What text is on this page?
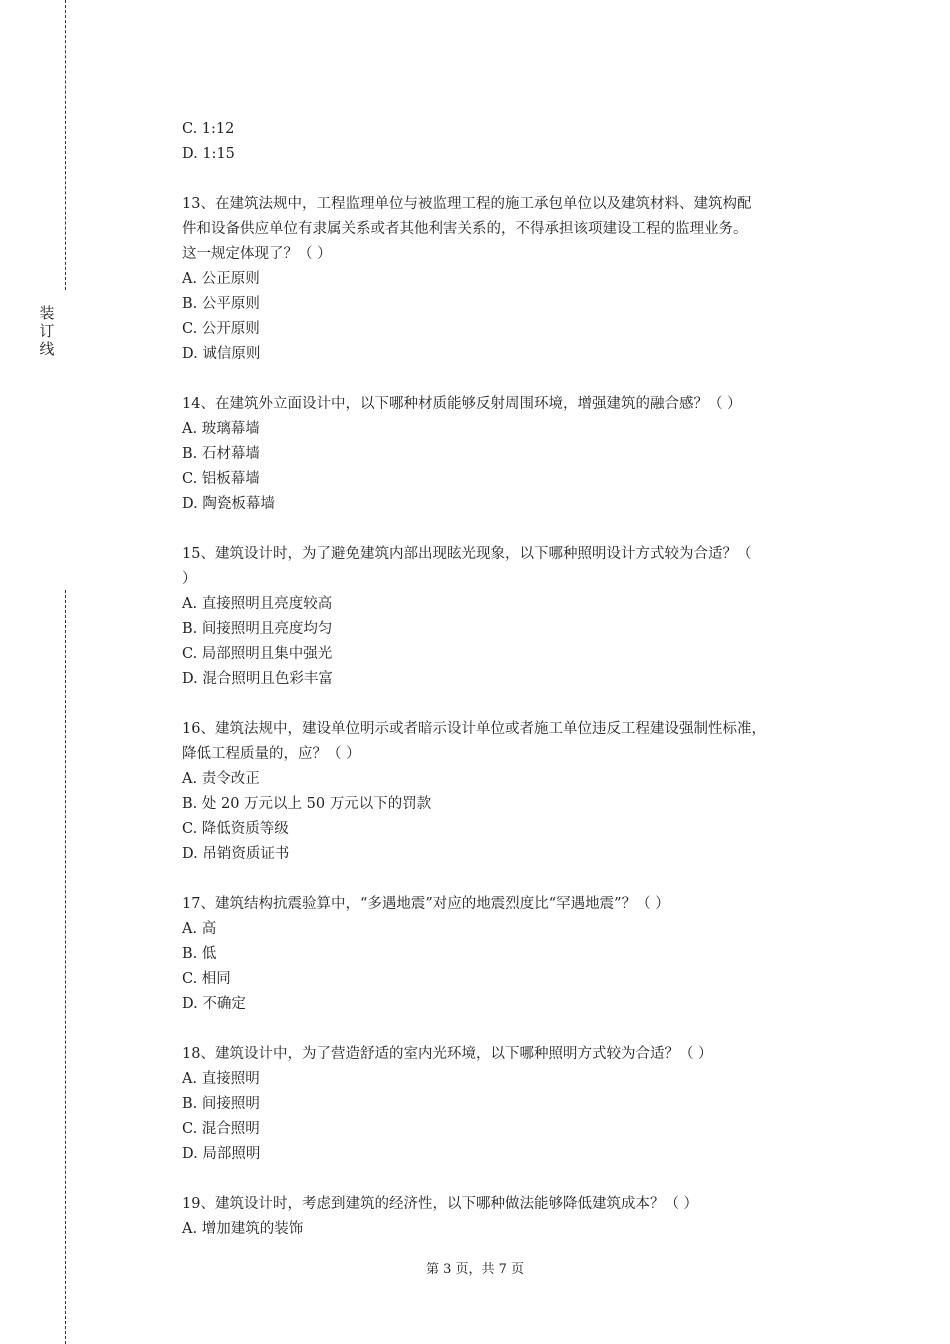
装
订
线
C. 1:12
D. 1:15
13、在建筑法规中，工程监理单位与被监理工程的施工承包单位以及建筑材料、建筑构配
件和设备供应单位有隶属关系或者其他利害关系的，不得承担该项建设工程的监理业务。
这一规定体现了？（ ）
A. 公正原则
B. 公平原则
C. 公开原则
D. 诚信原则
14、在建筑外立面设计中，以下哪种材质能够反射周围环境，增强建筑的融合感？（ ）
A. 玻璃幕墙
B. 石材幕墙
C. 铝板幕墙
D. 陶瓷板幕墙
15、建筑设计时，为了避免建筑内部出现眩光现象，以下哪种照明设计方式较为合适？（
）
A. 直接照明且亮度较高
B. 间接照明且亮度均匀
C. 局部照明且集中强光
D. 混合照明且色彩丰富
16、建筑法规中，建设单位明示或者暗示设计单位或者施工单位违反工程建设强制性标准，
降低工程质量的，应？（ ）
A. 责令改正
B. 处 20 万元以上 50 万元以下的罚款
C. 降低资质等级
D. 吊销资质证书
17、建筑结构抗震验算中，“多遇地震”对应的地震烈度比“罕遇地震”？（ ）
A. 高
B. 低
C. 相同
D. 不确定
18、建筑设计中，为了营造舒适的室内光环境，以下哪种照明方式较为合适？（ ）
A. 直接照明
B. 间接照明
C. 混合照明
D. 局部照明
19、建筑设计时，考虑到建筑的经济性，以下哪种做法能够降低建筑成本？（ ）
A. 增加建筑的装饰
第 3 页，共 7 页
